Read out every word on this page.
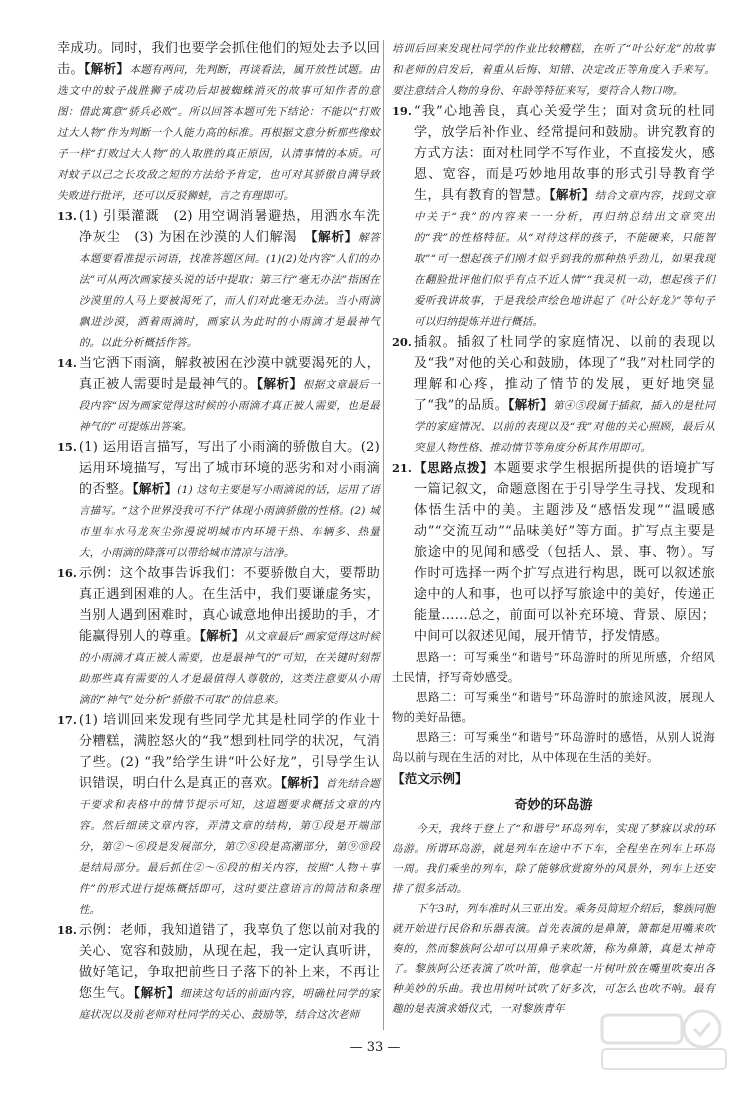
幸成功。同时，我们也要学会抓住他们的短处去予以回击。【解析】本题有两问，先判断，再谈看法，属开放性试题。由选文中的蚊子战胜狮子成功后却被蜘蛛消灭的故事可知作者的意图：借此寓意“骄兵必败”。所以回答本题可先下结论：不能以“打败过大人物”作为判断一个人能力高的标准。再根据文意分析那些像蚊子一样“打败过大人物”的人取胜的真正原因，认清事情的本质。可对蚊子以己之长攻敌之短的方法给予肯定，也可对其骄傲自满导致失败进行批评，还可以反驳狮蛙，言之有理即可。

13. (1) 引渠灌溉　(2) 用空调消暑避热，用洒水车洗净灰尘　(3) 为困在沙漠的人们解渴　【解析】解答本题要看准提示词语，找准答题区间。(1)(2)处内容“人们的办法”可从两次画家接头说的话中提取；第三行“毫无办法”指困在沙漠里的人马上要被渴死了，而人们对此毫无办法。当小雨滴飘进沙漠，洒着雨滴时，画家认为此时的小雨滴才是最神气的。以此分析概括作答。

14. 当它洒下雨滴，解救被困在沙漠中就要渴死的人，真正被人需要时是最神气的。【解析】根据文章最后一段内容“因为画家觉得这时候的小雨滴才真正被人需要，也是最神气的”可提炼出答案。

15. (1) 运用语言描写，写出了小雨滴的骄傲自大。(2) 运用环境描写，写出了城市环境的恶劣和对小雨滴的否整。【解析】(1) 这句主要是写小雨滴说的话，运用了语言描写。“这个世界没我可不行”体现小雨滴骄傲的性格。(2) 城市里车水马龙灰尘弥漫说明城市内环境干热、车辆多、热量大，小雨滴的降落可以带给城市清凉与洁净。

16. 示例：这个故事告诉我们：不要骄傲自大，要帮助真正遇到困难的人。在生活中，我们要谦虚务实，当别人遇到困难时，真心诚意地伸出援助的手，才能赢得别人的尊重。【解析】从文章最后“画家觉得这时候的小雨滴才真正被人需要，也是最神气的”可知，在关键时刻帮助那些真有需要的人才是最值得人尊敬的，这类注意要从小雨滴的“神气”处分析“骄傲不可取”的信息来。

17. (1) 培训回来发现有些同学尤其是杜同学的作业十分糟糕，满腔怒火的“我”想到杜同学的状况，气消了些。(2) “我”给学生讲“叶公好龙”，引导学生认识错误，明白什么是真正的喜欢。【解析】首先结合题干要求和表格中的情节提示可知，这道题要求概括文章的内容。然后细读文章内容，弄清文章的结构，第①段是开端部分，第②～⑥段是发展部分，第⑦⑧段是高潮部分，第⑨⑩段是结局部分。最后抓住②～⑥段的相关内容，按照“人物＋事件”的形式进行提炼概括即可，这时要注意语言的简洁和条理性。

18. 示例：老师，我知道错了，我辜负了您以前对我的关心、宽容和鼓励，从现在起，我一定认真听讲，做好笔记，争取把前些日子落下的补上来，不再让您生气。【解析】细读这句话的前面内容，明确杜同学的家庭状况以及前老师对杜同学的关心、鼓励等，结合这次老师

培训后回来发现杜同学的作业比较糟糕，在听了“叶公好龙”的故事和老师的启发后，着重从后悔、知错、决定改正等角度入手来写。要注意结合人物的身份、年龄等特征来写，要符合人物口吻。

19. “我”心地善良，真心关爱学生；面对贪玩的杜同学，放学后补作业、经常提问和鼓励。讲究教育的方式方法：面对杜同学不写作业，不直接发火，感恩、宽容，而是巧妙地用故事的形式引导教育学生，具有教育的智慧。【解析】结合文章内容，找到文章中关于“我”的内容来一一分析，再归纳总结出文章突出的“我”的性格特征。从“对待这样的孩子，不能硬来，只能智取”“可一想起孩子们刚才似乎到我的那种热乎劲儿，如果我现在翻脸批评他们似乎有点不近人情”“我灵机一动，想起孩子们爱听我讲故事，于是我绘声绘色地讲起了《叶公好龙》”等句子可以归纳提炼并进行概括。

20. 插叙。插叙了杜同学的家庭情况、以前的表现以及“我”对他的关心和鼓励，体现了“我”对杜同学的理解和心疼，推动了情节的发展，更好地突显了“我”的品质。【解析】第④⑤段属于插叙，插入的是杜同学的家庭情况、以前的表现以及“我”对他的关心照顾，最后从突显人物性格、推动情节等角度分析其作用即可。

21. 【思路点拨】本题要求学生根据所提供的语境扩写一篇记叙文，命题意图在于引导学生寻找、发现和体悟生活中的美。主题涉及“感悟发现”“温暖感动”“交流互动”“品味美好”等方面。扩写点主要是旅途中的见闻和感受（包括人、景、事、物）。写作时可选择一两个扩写点进行构思，既可以叙述旅途中的人和事，也可以抒写旅途中的美好，传递正能量……总之，前面可以补充环境、背景、原因；中间可以叙述见闻，展开情节，抒发情感。

思路一：可写乘坐“和谐号”环岛游时的所见所感，介绍风土民情，抒写奇妙感受。

思路二：可写乘坐“和谐号”环岛游时的旅途风波，展现人物的美好品德。

思路三：可写乘坐“和谐号”环岛游时的感悟，从别人说海岛以前与现在生活的对比，从中体现在生活的美好。

【范文示例】

奇妙的环岛游

今天，我终于登上了“和谐号”环岛列车，实现了梦寐以求的环岛游。所谓环岛游，就是列车在途中不下车，全程坐在列车上环岛一周。我们乘坐的列车，除了能够欣赏窗外的风景外，列车上还安排了很多活动。

下午3时，列车准时从三亚出发。乘务员简短介绍后，黎族同胞就开始进行民俗和乐器表演。首先表演的是鼻箫，箫都是用嘴来吹奏的，然而黎族阿公却可以用鼻子来吹箫，称为鼻箫，真是太神奇了。黎族阿公还表演了吹叶笛，他拿起一片树叶放在嘴里吹奏出各种美妙的乐曲。我也用树叶试吹了好多次，可怎么也吹不响。最有趣的是表演求婚仪式，一对黎族青年

— 33 —
